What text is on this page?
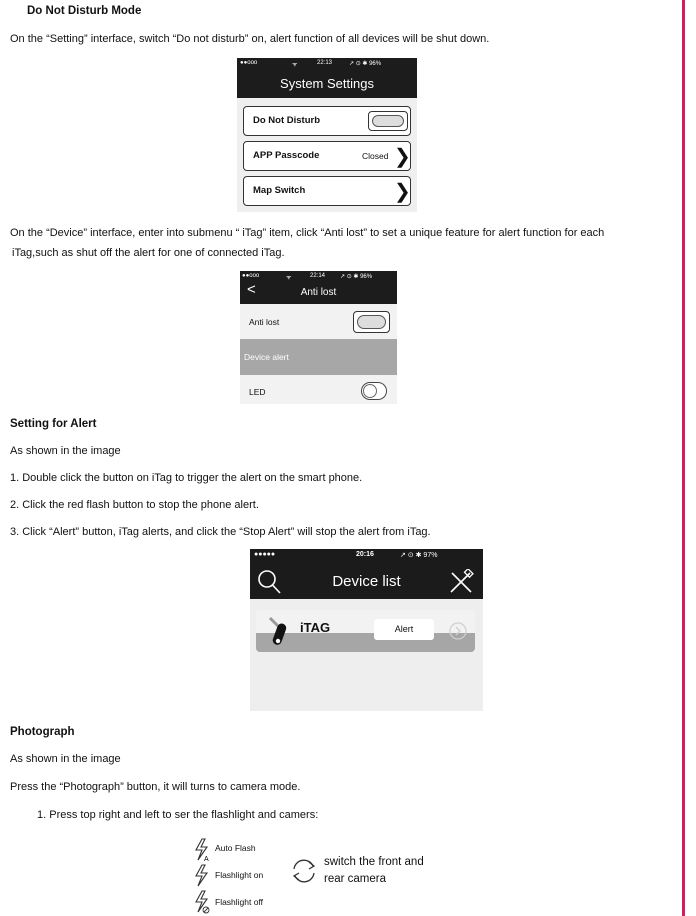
Do Not Disturb Mode
On the “Setting” interface, switch “Do not disturb” on, alert function of all devices will be shut down.
●●ooo	ᯤ	22:13	↗ ⊙ ✱ 96%
System Settings
Do Not Disturb
APP Passcode	Closed ❯
Map Switch	❯
On the “Device” interface, enter into submenu “ iTag” item, click “Anti lost” to set a unique feature for alert function for each
iTag,such as shut off the alert for one of connected iTag.
●●ooo	ᯤ	22:14 ↗ ⊙ ✱ 96%
<	Anti lost
Anti lost
Device alert
LED
Setting for Alert
As shown in the image
1. Double click the button on iTag to trigger the alert on the smart phone.
2. Click the red flash button to stop the phone alert.
3. Click “Alert” button, iTag alerts, and click the “Stop Alert” will stop the alert from iTag.
●●●●●	20:16	↗ ⊙ ✱ 97%
Device list
iTAG	Alert
Photograph
As shown in the image
Press the “Photograph” button, it will turns to camera mode.
1. Press top right and left to ser the flashlight and camers:
A
Auto Flash
Flashlight on
Flashlight off
switch the front and
rear camera
